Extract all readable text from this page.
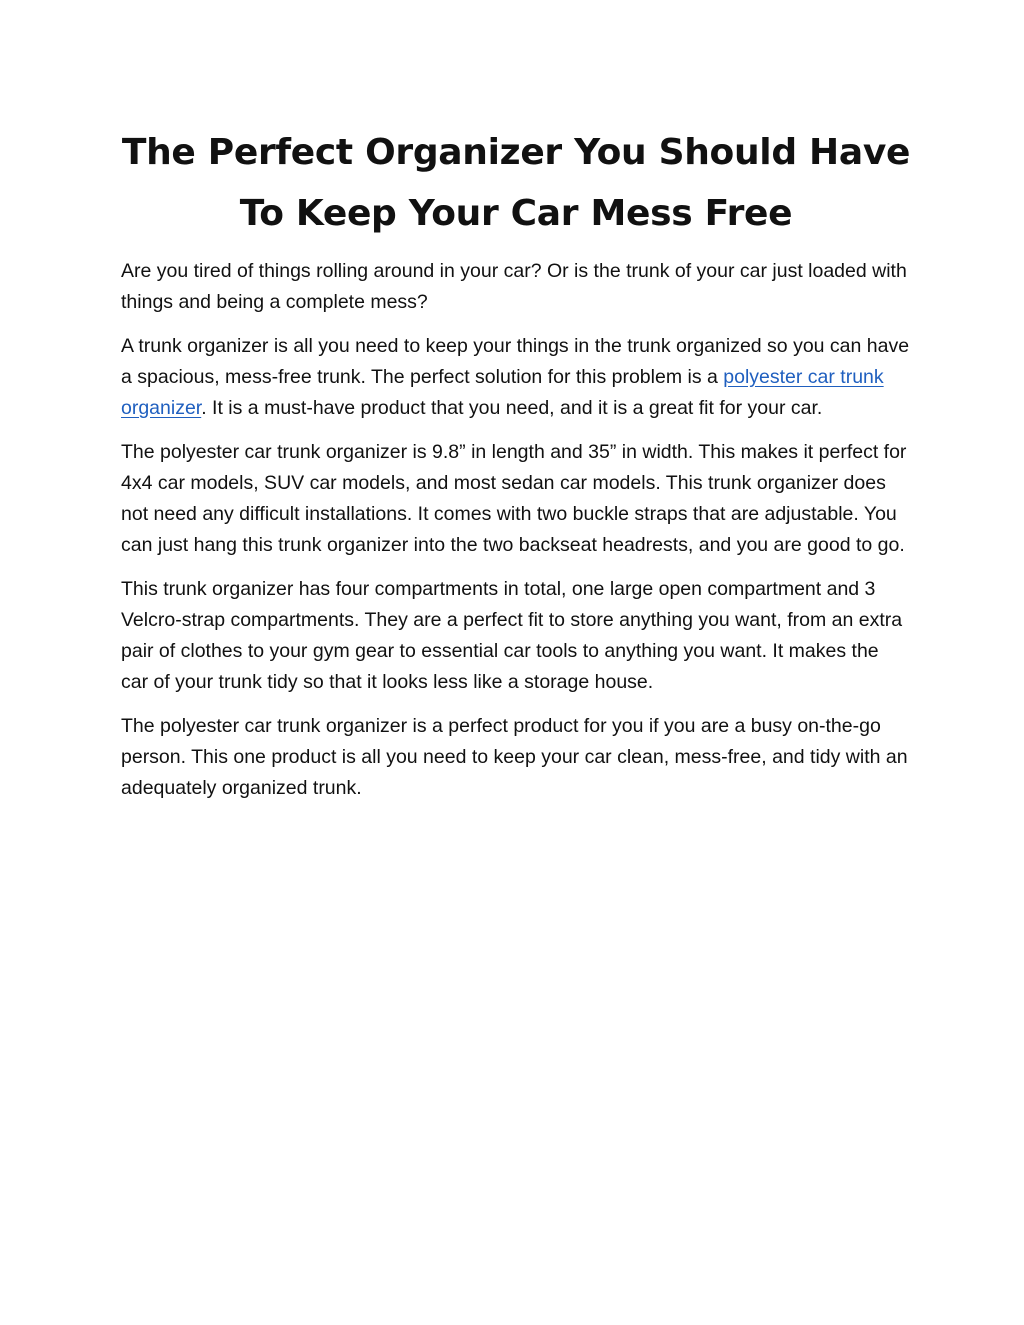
The Perfect Organizer You Should Have
To Keep Your Car Mess Free

Are you tired of things rolling around in your car? Or is the trunk of your car just loaded with things and being a complete mess?

A trunk organizer is all you need to keep your things in the trunk organized so you can have a spacious, mess-free trunk. The perfect solution for this problem is a polyester car trunk organizer. It is a must-have product that you need, and it is a great fit for your car.

The polyester car trunk organizer is 9.8” in length and 35” in width. This makes it perfect for 4x4 car models, SUV car models, and most sedan car models. This trunk organizer does not need any difficult installations. It comes with two buckle straps that are adjustable. You can just hang this trunk organizer into the two backseat headrests, and you are good to go.

This trunk organizer has four compartments in total, one large open compartment and 3 Velcro-strap compartments. They are a perfect fit to store anything you want, from an extra pair of clothes to your gym gear to essential car tools to anything you want. It makes the car of your trunk tidy so that it looks less like a storage house.

The polyester car trunk organizer is a perfect product for you if you are a busy on-the-go person. This one product is all you need to keep your car clean, mess-free, and tidy with an adequately organized trunk.
